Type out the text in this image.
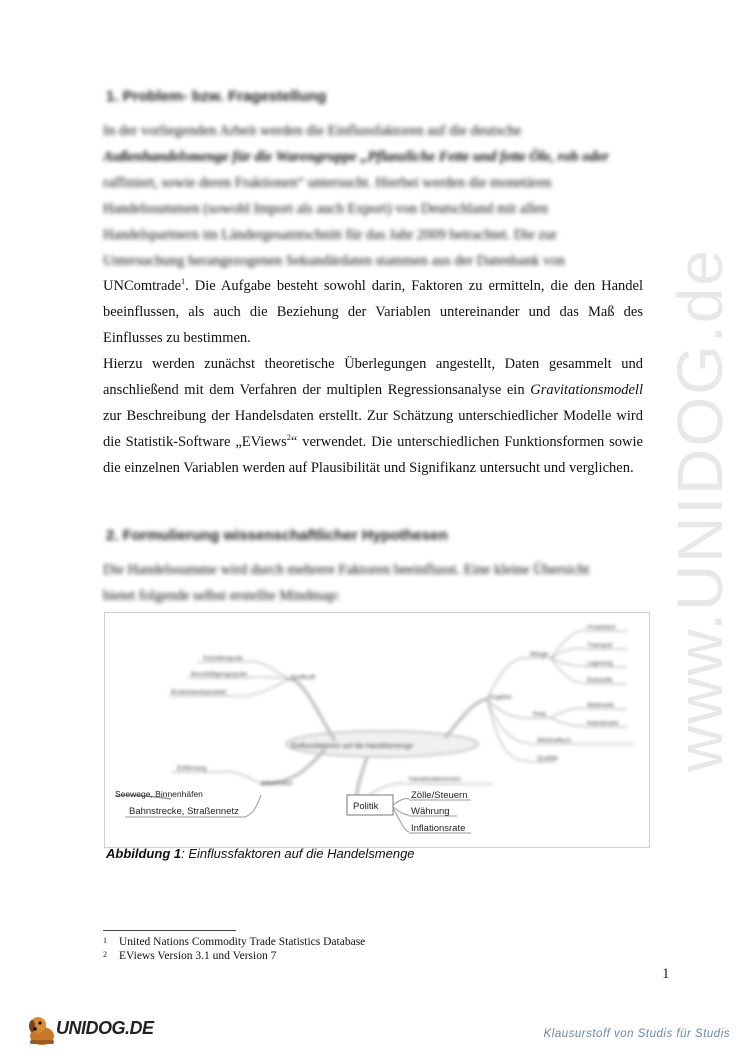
www.UNIDOG.de
1. Problem- bzw. Fragestellung
In der vorliegenden Arbeit werden die Einflussfaktoren auf die deutsche
Außenhandelsmenge für die Warengruppe „Pflanzliche Fette und fette Öle, roh oder
raffiniert, sowie deren Fraktionen“ untersucht. Hierbei werden die monetären
Handelssummen (sowohl Import als auch Export) von Deutschland mit allen
Handelspartnern im Ländergesamtschnitt für das Jahr 2009 betrachtet. Die zur
Untersuchung herangezogenen Sekundärdaten stammen aus der Datenbank von

UNComtrade$^1$. Die Aufgabe besteht sowohl darin, Faktoren zu ermitteln, die den Handel beeinflussen, als auch die Beziehung der Variablen untereinander und das Maß des Einflusses zu bestimmen.

Hierzu werden zunächst theoretische Überlegungen angestellt, Daten gesammelt und anschließend mit dem Verfahren der multiplen Regressionsanalyse ein Gravitationsmodell zur Beschreibung der Handelsdaten erstellt. Zur Schätzung unterschiedlicher Modelle wird die Statistik-Software „EViews$^2$“ verwendet. Die unterschiedlichen Funktionsformen sowie die einzelnen Variablen werden auf Plausibilität und Signifikanz untersucht und verglichen.

2. Formulierung wissenschaftlicher Hypothesen
Die Handelssumme wird durch mehrere Faktoren beeinflusst. Eine kleine Übersicht
bietet folgende selbst erstellte Mindmap:
Schuldenquote
Beschäftigungsquote
Bruttoinlandsprodukt
Kaufkraft
Einflussfaktoren auf die Handelsmenge
Entfernung
Infrastruktur
Angebot
Menge
Produktion
Transport
Lagerung
Rohstoffe
Preis
Weltmarkt
Inlandmarkt
Wechselkurs
Qualität
Handelsabkommen
Seewege, Binnenhäfen
Bahnstrecke, Straßennetz	Politik
Zölle/Steuern
Währung
Inflationsrate
Abbildung 1: Einflussfaktoren auf die Handelsmenge
1 United Nations Commodity Trade Statistics Database
2 EViews Version 3.1 und Version 7
1
UNIDOG.DE	Klausurstoff von Studis für Studis
